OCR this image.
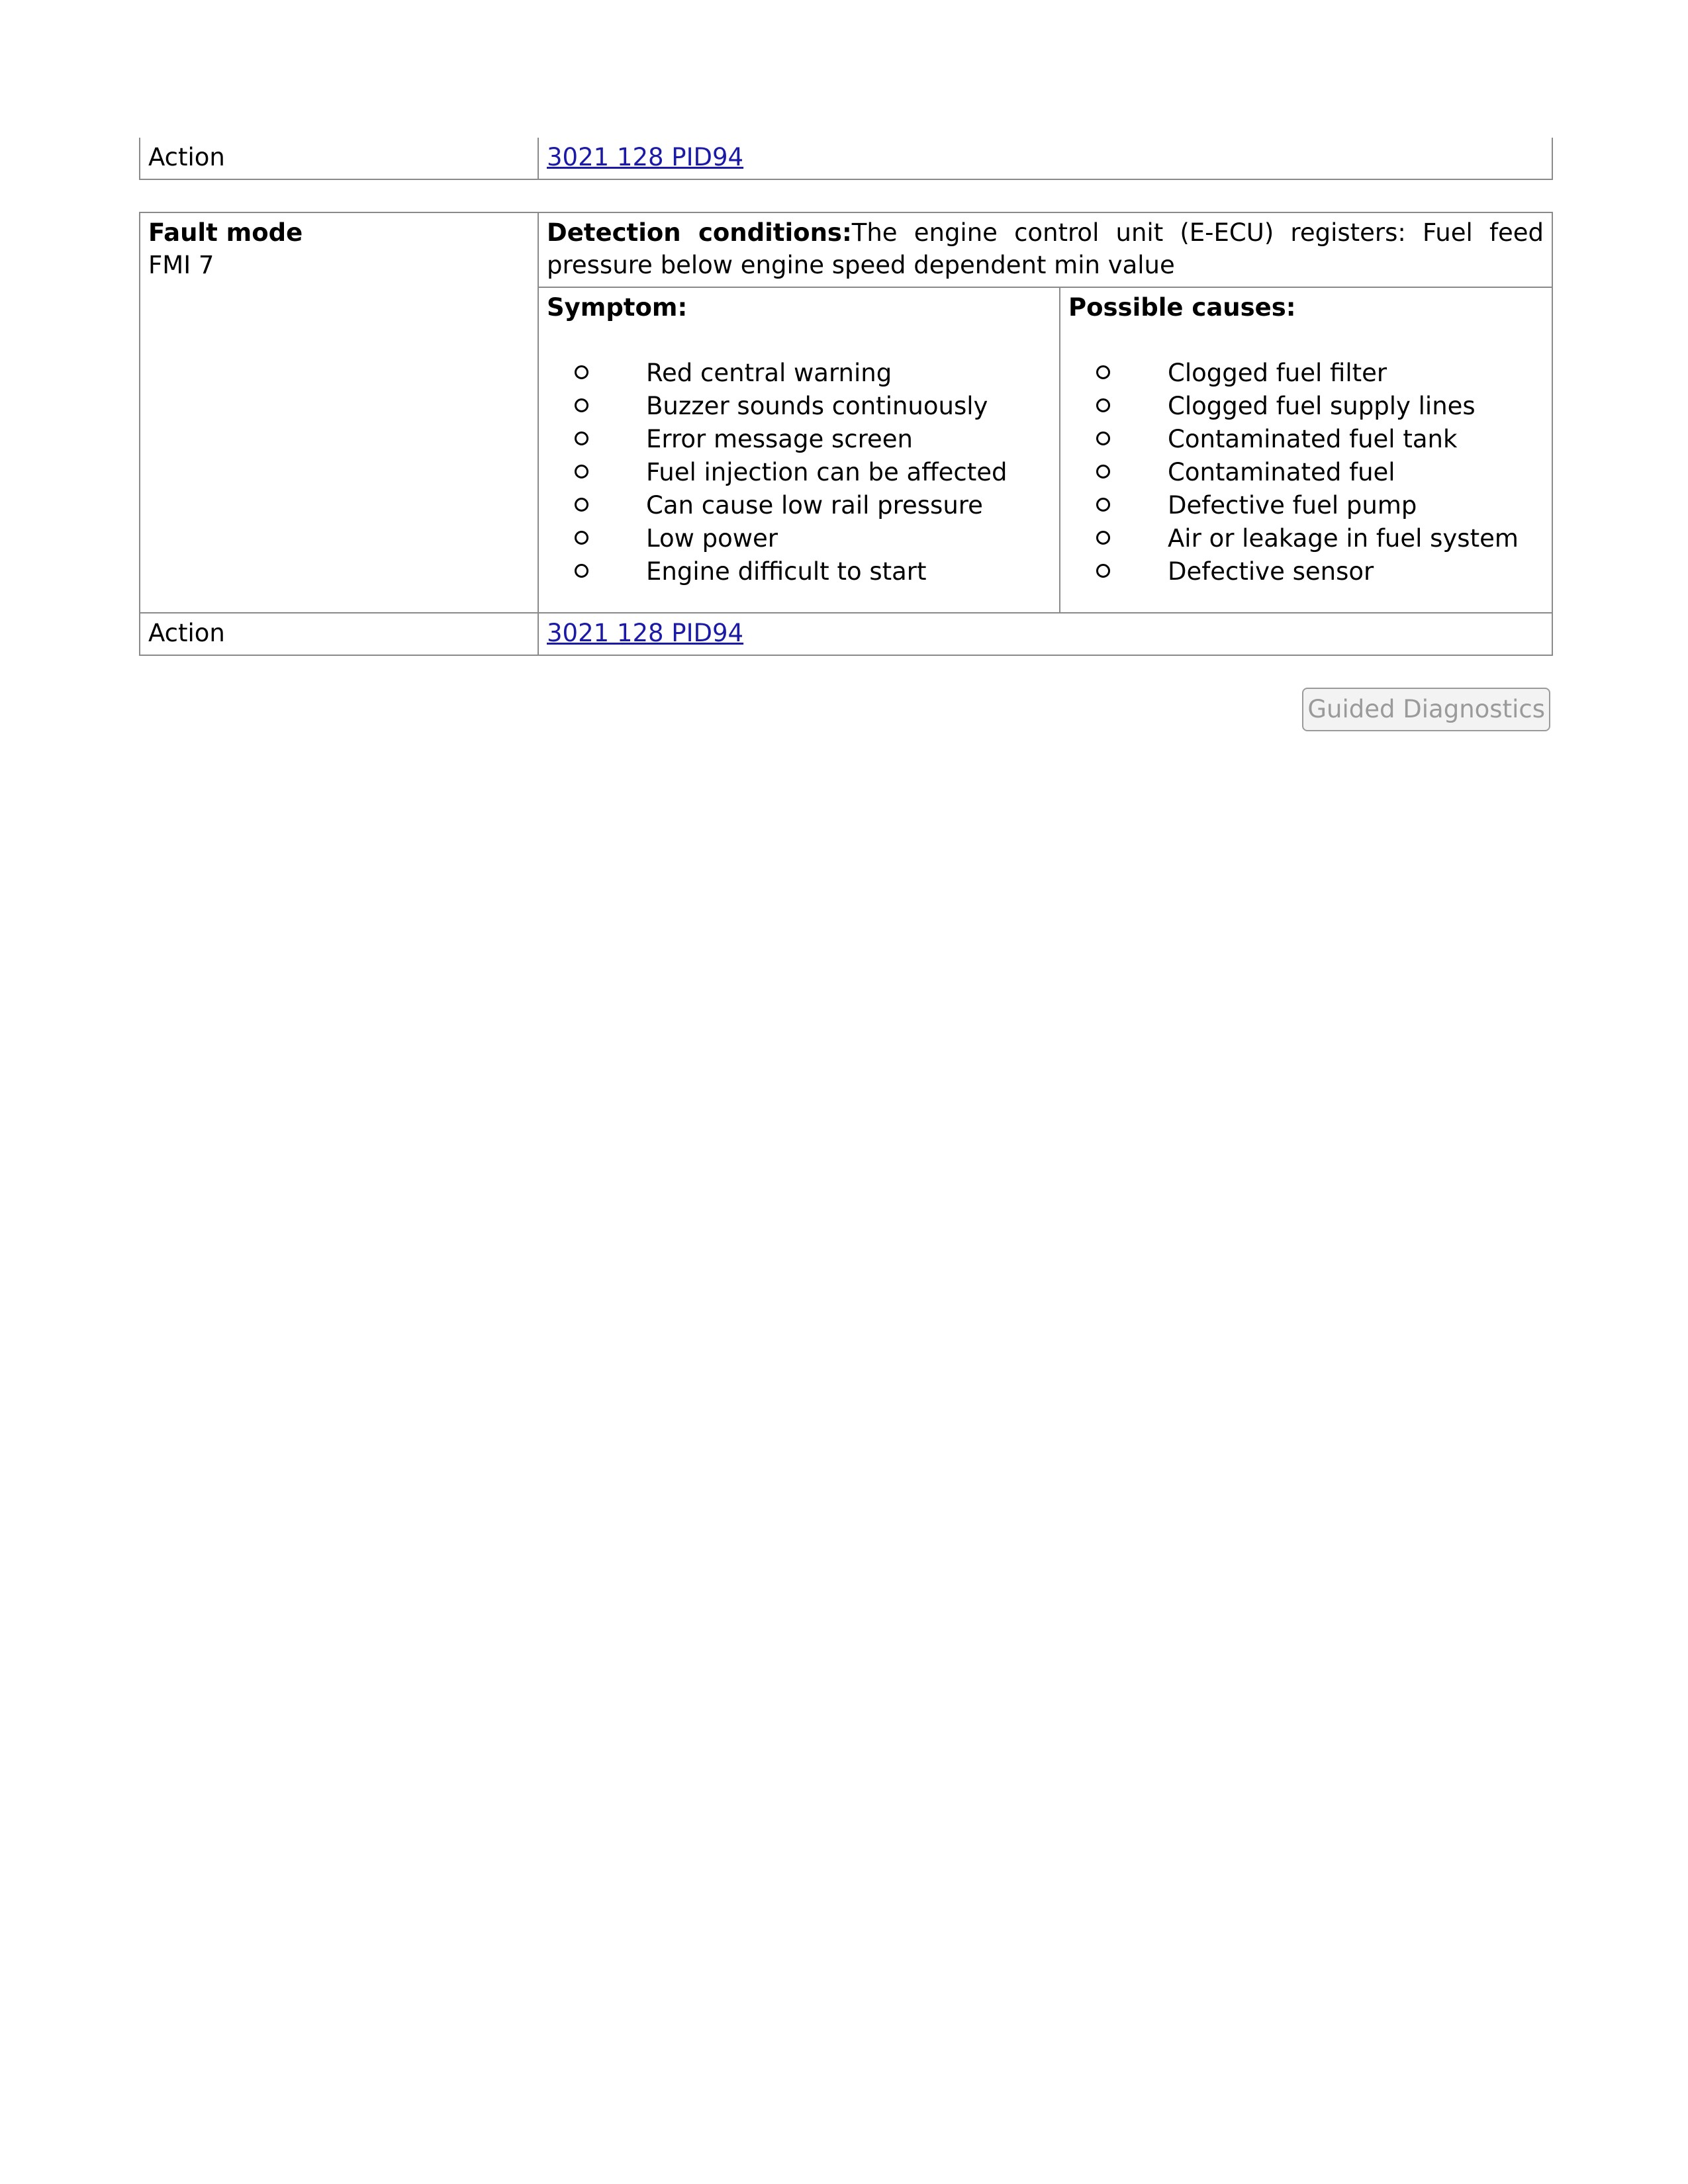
Action	3021 128 PID94
Fault mode
FMI 7

Detection conditions:The engine control unit (E-ECU) registers: Fuel feed pressure below engine speed dependent min value

Symptom:
Red central warning
Buzzer sounds continuously
Error message screen
Fuel injection can be affected
Can cause low rail pressure
Low power
Engine difficult to start

Possible causes:
Clogged fuel filter
Clogged fuel supply lines
Contaminated fuel tank
Contaminated fuel
Defective fuel pump
Air or leakage in fuel system
Defective sensor

Action	3021 128 PID94
Guided Diagnostics
